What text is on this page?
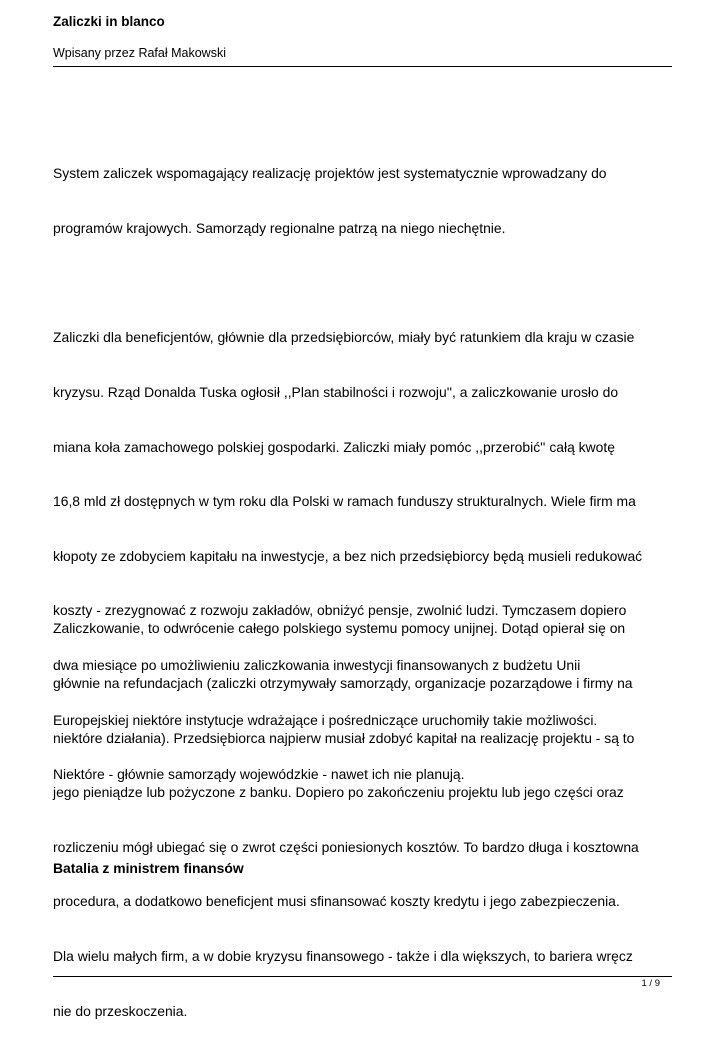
Zaliczki in blanco
Wpisany przez Rafał Makowski

System zaliczek wspomagający realizację projektów jest systematycznie wprowadzany do

programów krajowych. Samorządy regionalne patrzą na niego niechętnie.

Zaliczki dla beneficjentów, głównie dla przedsiębiorców, miały być ratunkiem dla kraju w czasie

kryzysu. Rząd Donalda Tuska ogłosił ,,Plan stabilności i rozwoju'', a zaliczkowanie urosło do

miana koła zamachowego polskiej gospodarki. Zaliczki miały pomóc ,,przerobić'' całą kwotę

16,8 mld zł dostępnych w tym roku dla Polski w ramach funduszy strukturalnych. Wiele firm ma

kłopoty ze zdobyciem kapitału na inwestycje, a bez nich przedsiębiorcy będą musieli redukować

koszty - zrezygnować z rozwoju zakładów, obniżyć pensje, zwolnić ludzi. Tymczasem dopiero

dwa miesiące po umożliwieniu zaliczkowania inwestycji finansowanych z budżetu Unii

Europejskiej niektóre instytucje wdrażające i pośredniczące uruchomiły takie możliwości.

Niektóre - głównie samorządy wojewódzkie - nawet ich nie planują.

Zaliczkowanie, to odwrócenie całego polskiego systemu pomocy unijnej. Dotąd opierał się on

głównie na refundacjach (zaliczki otrzymywały samorządy, organizacje pozarządowe i firmy na

niektóre działania). Przedsiębiorca najpierw musiał zdobyć kapitał na realizację projektu - są to

jego pieniądze lub pożyczone z banku. Dopiero po zakończeniu projektu lub jego części oraz

rozliczeniu mógł ubiegać się o zwrot części poniesionych kosztów. To bardzo długa i kosztowna

procedura, a dodatkowo beneficjent musi sfinansować koszty kredytu i jego zabezpieczenia.

Dla wielu małych firm, a w dobie kryzysu finansowego - także i dla większych, to bariera wręcz

nie do przeskoczenia.

Batalia z ministrem finansów
1 / 9
